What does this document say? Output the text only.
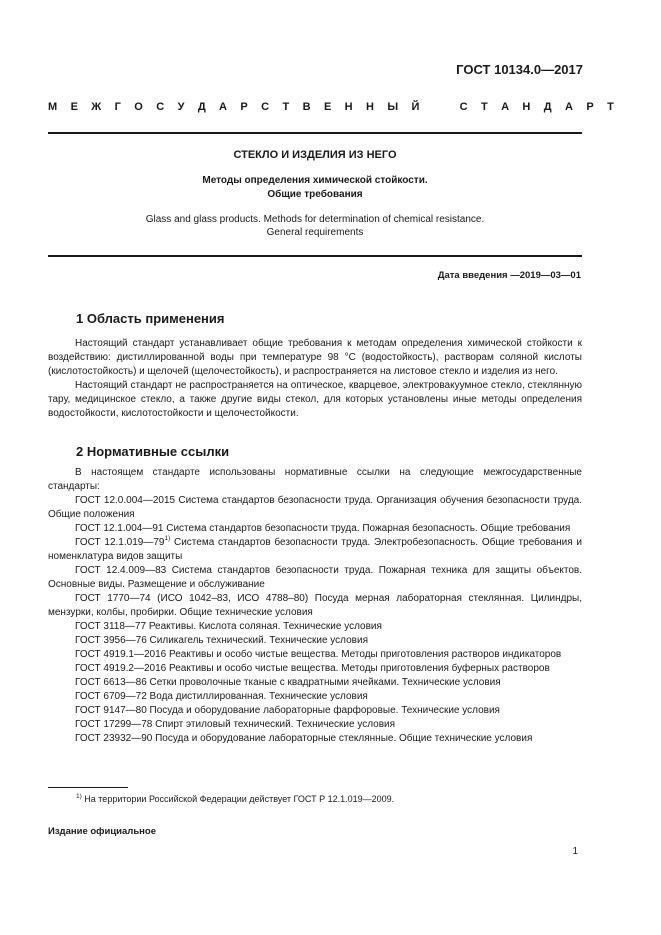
ГОСТ 10134.0—2017
М Е Ж Г О С У Д А Р С Т В Е Н Н Ы Й	С Т А Н Д А Р Т
СТЕКЛО И ИЗДЕЛИЯ ИЗ НЕГО
Методы определения химической стойкости.
Общие требования
Glass and glass products. Methods for determination of chemical resistance.
General requirements
Дата введения —2019—03—01
1 Область применения

Настоящий стандарт устанавливает общие требования к методам определения химической стойкости к воздействию: дистиллированной воды при температуре 98 °С (водостойкость), растворам соляной кислоты (кислотостойкость) и щелочей (щелочестойкость), и распространяется на листовое стекло и изделия из него.

Настоящий стандарт не распространяется на оптическое, кварцевое, электровакуумное стекло, стеклянную тару, медицинское стекло, а также другие виды стекол, для которых установлены иные методы определения водостойкости, кислотостойкости и щелочестойкости.

2 Нормативные ссылки

В настоящем стандарте использованы нормативные ссылки на следующие межгосударственные стандарты:

ГОСТ 12.0.004—2015 Система стандартов безопасности труда. Организация обучения безопасности труда. Общие положения

ГОСТ 12.1.004—91 Система стандартов безопасности труда. Пожарная безопасность. Общие требования

ГОСТ 12.1.019—79$^{1)}$ Система стандартов безопасности труда. Электробезопасность. Общие требования и номенклатура видов защиты

ГОСТ 12.4.009—83 Система стандартов безопасности труда. Пожарная техника для защиты объектов. Основные виды. Размещение и обслуживание

ГОСТ 1770—74 (ИСО 1042–83, ИСО 4788–80) Посуда мерная лабораторная стеклянная. Цилиндры, мензурки, колбы, пробирки. Общие технические условия

ГОСТ 3118—77 Реактивы. Кислота соляная. Технические условия

ГОСТ 3956—76 Силикагель технический. Технические условия

ГОСТ 4919.1—2016 Реактивы и особо чистые вещества. Методы приготовления растворов индикаторов

ГОСТ 4919.2—2016 Реактивы и особо чистые вещества. Методы приготовления буферных растворов

ГОСТ 6613—86 Сетки проволочные тканые с квадратными ячейками. Технические условия

ГОСТ 6709—72 Вода дистиллированная. Технические условия

ГОСТ 9147—80 Посуда и оборудование лабораторные фарфоровые. Технические условия

ГОСТ 17299—78 Спирт этиловый технический. Технические условия

ГОСТ 23932—90 Посуда и оборудование лабораторные стеклянные. Общие технические условия

$^{1)}$ На территории Российской Федерации действует ГОСТ Р 12.1.019—2009.
Издание официальное
1
